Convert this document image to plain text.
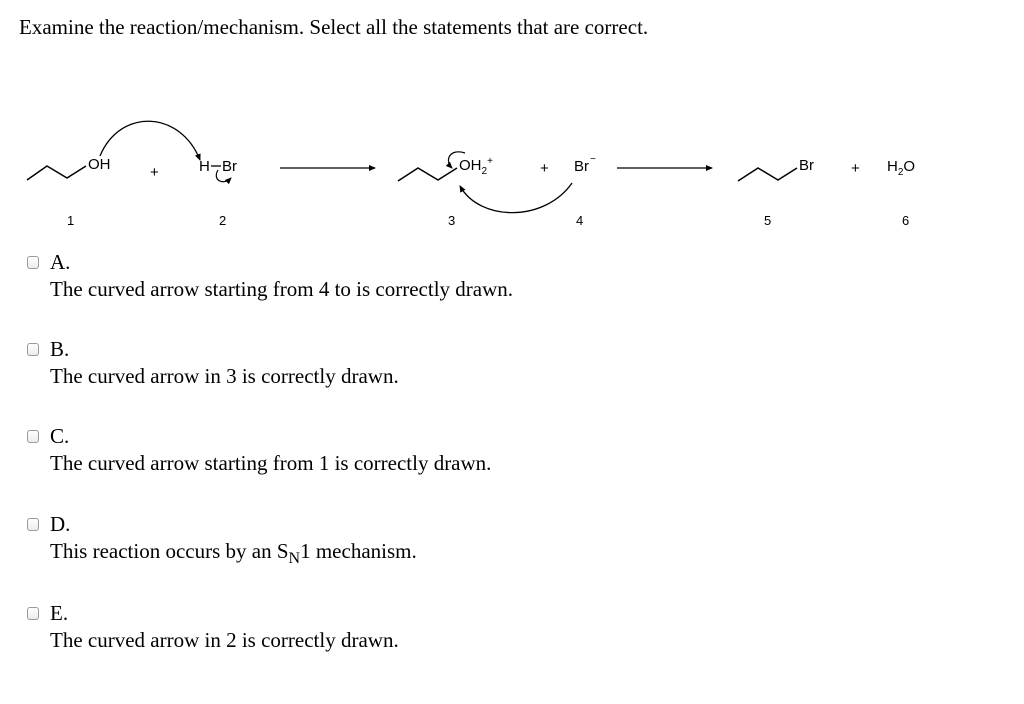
Examine the reaction/mechanism. Select all the statements that are correct.
OH	+	H Br	$OH_2^+$	+ Br−	$Br + H_2O$
1	2	3	4	5	6
A.
The curved arrow starting from 4 to is correctly drawn.
B.
The curved arrow in 3 is correctly drawn.
C.
The curved arrow starting from 1 is correctly drawn.
D.
This reaction occurs by an $S_N1$ mechanism.
E.
The curved arrow in 2 is correctly drawn.
